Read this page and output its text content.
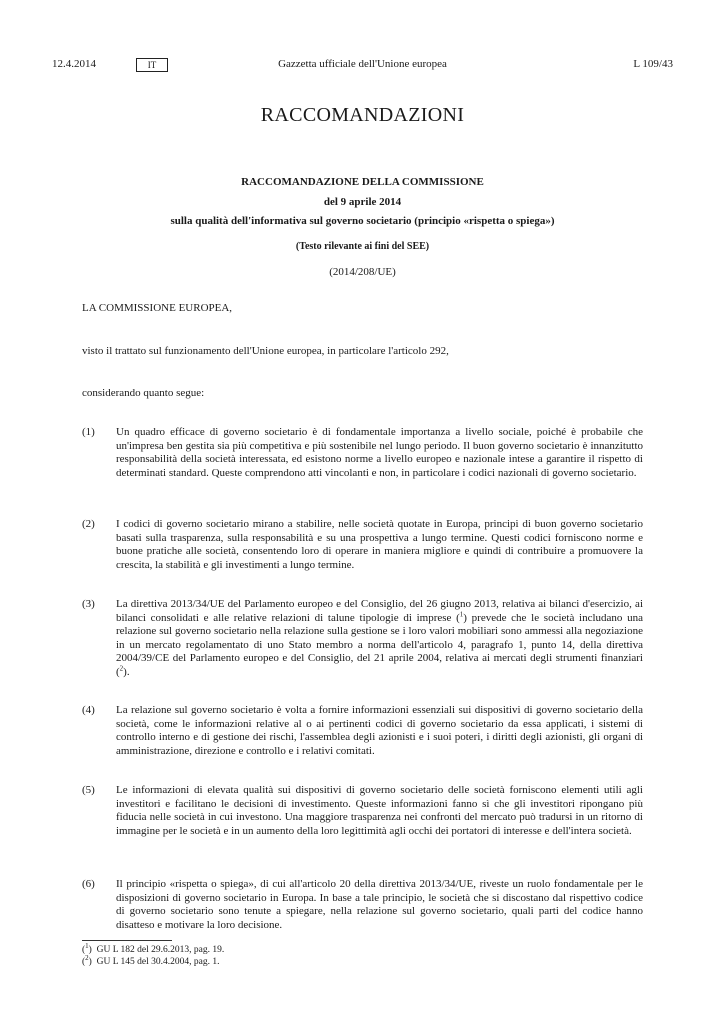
12.4.2014	IT	Gazzetta ufficiale dell'Unione europea	L 109/43
RACCOMANDAZIONI
RACCOMANDAZIONE DELLA COMMISSIONE
del 9 aprile 2014
sulla qualità dell'informativa sul governo societario (principio «rispetta o spiega»)
(Testo rilevante ai fini del SEE)
(2014/208/UE)
LA COMMISSIONE EUROPEA,
visto il trattato sul funzionamento dell'Unione europea, in particolare l'articolo 292,
considerando quanto segue:
(1) Un quadro efficace di governo societario è di fondamentale importanza a livello sociale, poiché è probabile che un'impresa ben gestita sia più competitiva e più sostenibile nel lungo periodo. Il buon governo societario è innanzitutto responsabilità della società interessata, ed esistono norme a livello europeo e nazionale intese a garantire il rispetto di determinati standard. Queste comprendono atti vincolanti e non, in particolare i codici nazionali di governo societario.
(2) I codici di governo societario mirano a stabilire, nelle società quotate in Europa, principi di buon governo societario basati sulla trasparenza, sulla responsabilità e su una prospettiva a lungo termine. Questi codici forniscono norme e buone pratiche alle società, consentendo loro di operare in maniera migliore e quindi di contribuire a promuovere la crescita, la stabilità e gli investimenti a lungo termine.
(3) La direttiva 2013/34/UE del Parlamento europeo e del Consiglio, del 26 giugno 2013, relativa ai bilanci d'esercizio, ai bilanci consolidati e alle relative relazioni di talune tipologie di imprese ($^1$) prevede che le società includano una relazione sul governo societario nella relazione sulla gestione se i loro valori mobiliari sono ammessi alla negoziazione in un mercato regolamentato di uno Stato membro a norma dell'articolo 4, paragrafo 1, punto 14, della direttiva 2004/39/CE del Parlamento europeo e del Consiglio, del 21 aprile 2004, relativa ai mercati degli strumenti finanziari ($^2$).
(4) La relazione sul governo societario è volta a fornire informazioni essenziali sui dispositivi di governo societario della società, come le informazioni relative al o ai pertinenti codici di governo societario da essa applicati, i sistemi di controllo interno e di gestione dei rischi, l'assemblea degli azionisti e i suoi poteri, i diritti degli azionisti, gli organi di amministrazione, direzione e controllo e i relativi comitati.
(5) Le informazioni di elevata qualità sui dispositivi di governo societario delle società forniscono elementi utili agli investitori e facilitano le decisioni di investimento. Queste informazioni fanno sì che gli investitori ripongano più fiducia nelle società in cui investono. Una maggiore trasparenza nei confronti del mercato può tradursi in un ritorno di immagine per le società e in un aumento della loro legittimità agli occhi dei portatori di interesse e dell'intera società.
(6) Il principio «rispetta o spiega», di cui all'articolo 20 della direttiva 2013/34/UE, riveste un ruolo fondamentale per le disposizioni di governo societario in Europa. In base a tale principio, le società che si discostano dal rispettivo codice di governo societario sono tenute a spiegare, nella relazione sul governo societario, quali parti del codice hanno disatteso e motivare la loro decisione.
($^1$)  GU L 182 del 29.6.2013, pag. 19.
($^2$)  GU L 145 del 30.4.2004, pag. 1.
